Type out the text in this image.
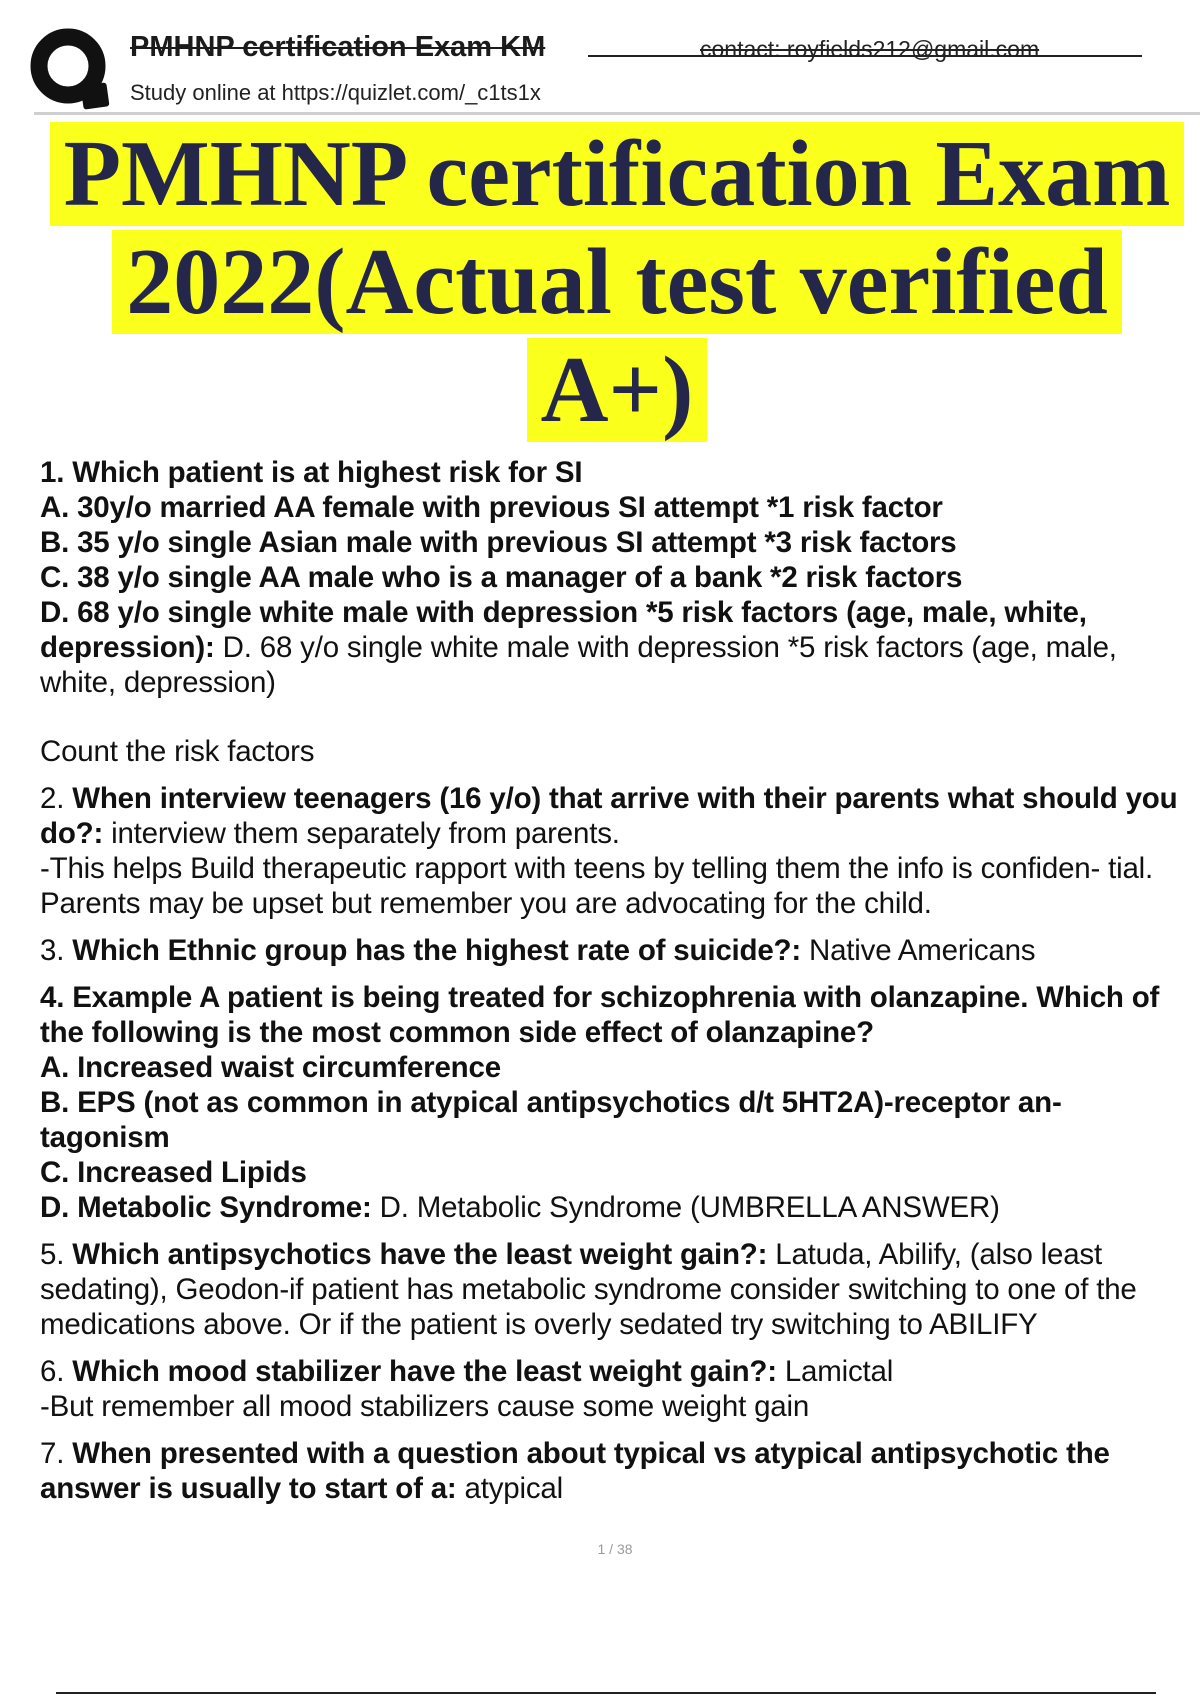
PMHNP certification Exam KM	contact: royfields212@gmail.com
Study online at https://quizlet.com/_c1ts1x
PMHNP certification Exam
2022(Actual test verified
A+)
1. Which patient is at highest risk for SI
A. 30y/o married AA female with previous SI attempt *1 risk factor
B. 35 y/o single Asian male with previous SI attempt *3 risk factors
C. 38 y/o single AA male who is a manager of a bank *2 risk factors
D. 68 y/o single white male with depression *5 risk factors (age, male, white,
depression): D. 68 y/o single white male with depression *5 risk factors (age, male, white, depression)
Count the risk factors
2. When interview teenagers (16 y/o) that arrive with their parents what should you do?: interview them separately from parents.
-This helps Build therapeutic rapport with teens by telling them the info is confiden- tial. Parents may be upset but remember you are advocating for the child.
3. Which Ethnic group has the highest rate of suicide?: Native Americans
4. Example A patient is being treated for schizophrenia with olanzapine. Which of the following is the most common side effect of olanzapine?
A. Increased waist circumference
B. EPS (not as common in atypical antipsychotics d/t 5HT2A)-receptor an- tagonism
C. Increased Lipids
D. Metabolic Syndrome: D. Metabolic Syndrome (UMBRELLA ANSWER)
5. Which antipsychotics have the least weight gain?: Latuda, Abilify, (also least sedating), Geodon-if patient has metabolic syndrome consider switching to one of the medications above. Or if the patient is overly sedated try switching to ABILIFY
6. Which mood stabilizer have the least weight gain?: Lamictal
-But remember all mood stabilizers cause some weight gain
7. When presented with a question about typical vs atypical antipsychotic the answer is usually to start of a: atypical
1 / 38
